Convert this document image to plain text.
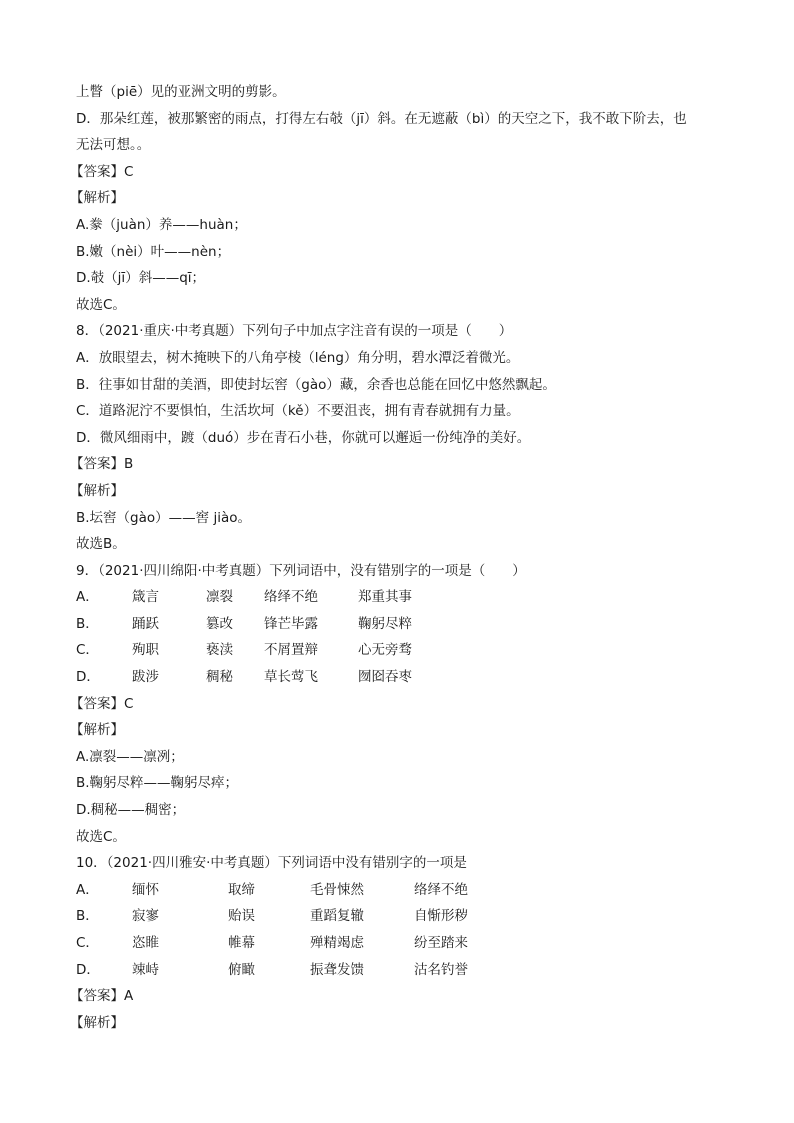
上瞥（piē）见的亚洲文明的剪影。
D．那朵红莲，被那繁密的雨点，打得左右攲（jī）斜。在无遮蔽（bì）的天空之下，我不敢下阶去，也
无法可想。。
【答案】C
【解析】
A.豢（juàn）养——huàn；
B.嫩（nèi）叶——nèn；
D.攲（jī）斜——qī；
故选C。
8．（2021·重庆·中考真题）下列句子中加点字注音有误的一项是（　　）
A．放眼望去，树木掩映下的八角亭棱（léng）角分明，碧水潭泛着微光。
B．往事如甘甜的美酒，即使封坛窖（gào）藏，余香也总能在回忆中悠然飘起。
C．道路泥泞不要惧怕，生活坎坷（kě）不要沮丧，拥有青春就拥有力量。
D．微风细雨中，踱（duó）步在青石小巷，你就可以邂逅一份纯净的美好。
【答案】B
【解析】
B.坛窖（gào）——窖 jiào。
故选B。
9．（2021·四川绵阳·中考真题）下列词语中，没有错别字的一项是（　　）
A．	箴言	凛裂	络绎不绝	郑重其事
B．	踊跃	篡改	锋芒毕露	鞠躬尽粹
C．	殉职	亵渎	不屑置辩	心无旁骛
D．	跋涉	稠秘	草长莺飞	囫囵吞枣
【答案】C
【解析】
A.凛裂——凛冽；
B.鞠躬尽粹——鞠躬尽瘁；
D.稠秘——稠密；
故选C。
10．（2021·四川雅安·中考真题）下列词语中没有错别字的一项是
A．	缅怀	取缔	毛骨悚然	络绎不绝
B．	寂寥	贻误	重蹈复辙	自惭形秽
C．	恣睢	帷幕	殚精竭虑	纷至踏来
D．	竦峙	俯瞰	振聋发馈	沽名钓誉
【答案】A
【解析】
